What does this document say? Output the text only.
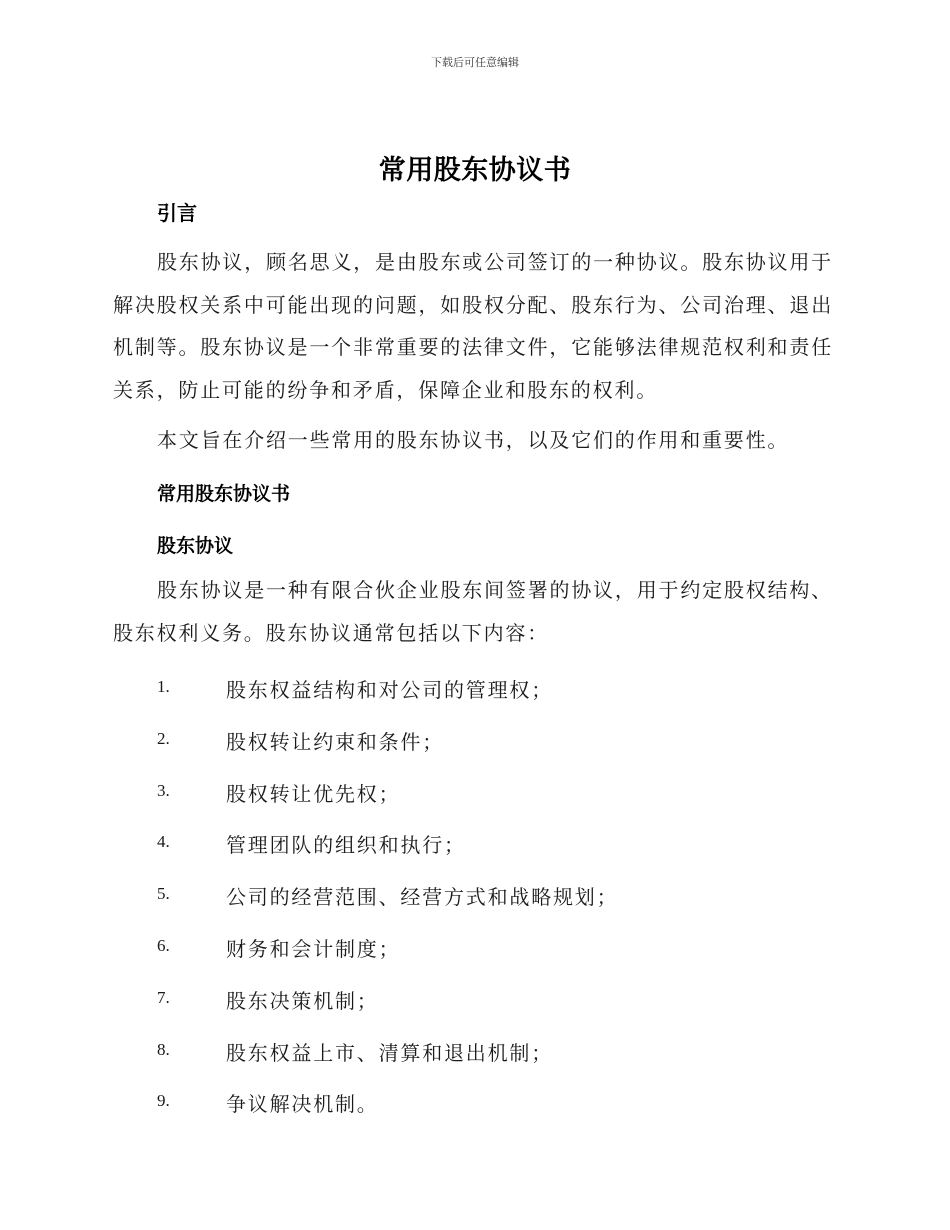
下载后可任意编辑
常用股东协议书
引言

股东协议，顾名思义，是由股东或公司签订的一种协议。股东协议用于解决股权关系中可能出现的问题，如股权分配、股东行为、公司治理、退出机制等。股东协议是一个非常重要的法律文件，它能够法律规范权利和责任关系，防止可能的纷争和矛盾，保障企业和股东的权利。

本文旨在介绍一些常用的股东协议书，以及它们的作用和重要性。

常用股东协议书
股东协议

股东协议是一种有限合伙企业股东间签署的协议，用于约定股权结构、股东权利义务。股东协议通常包括以下内容：

1.	股东权益结构和对公司的管理权；
2.	股权转让约束和条件；
3.	股权转让优先权；
4.	管理团队的组织和执行；
5.	公司的经营范围、经营方式和战略规划；
6.	财务和会计制度；
7.	股东决策机制；
8.	股东权益上市、清算和退出机制；
9.	争议解决机制。
